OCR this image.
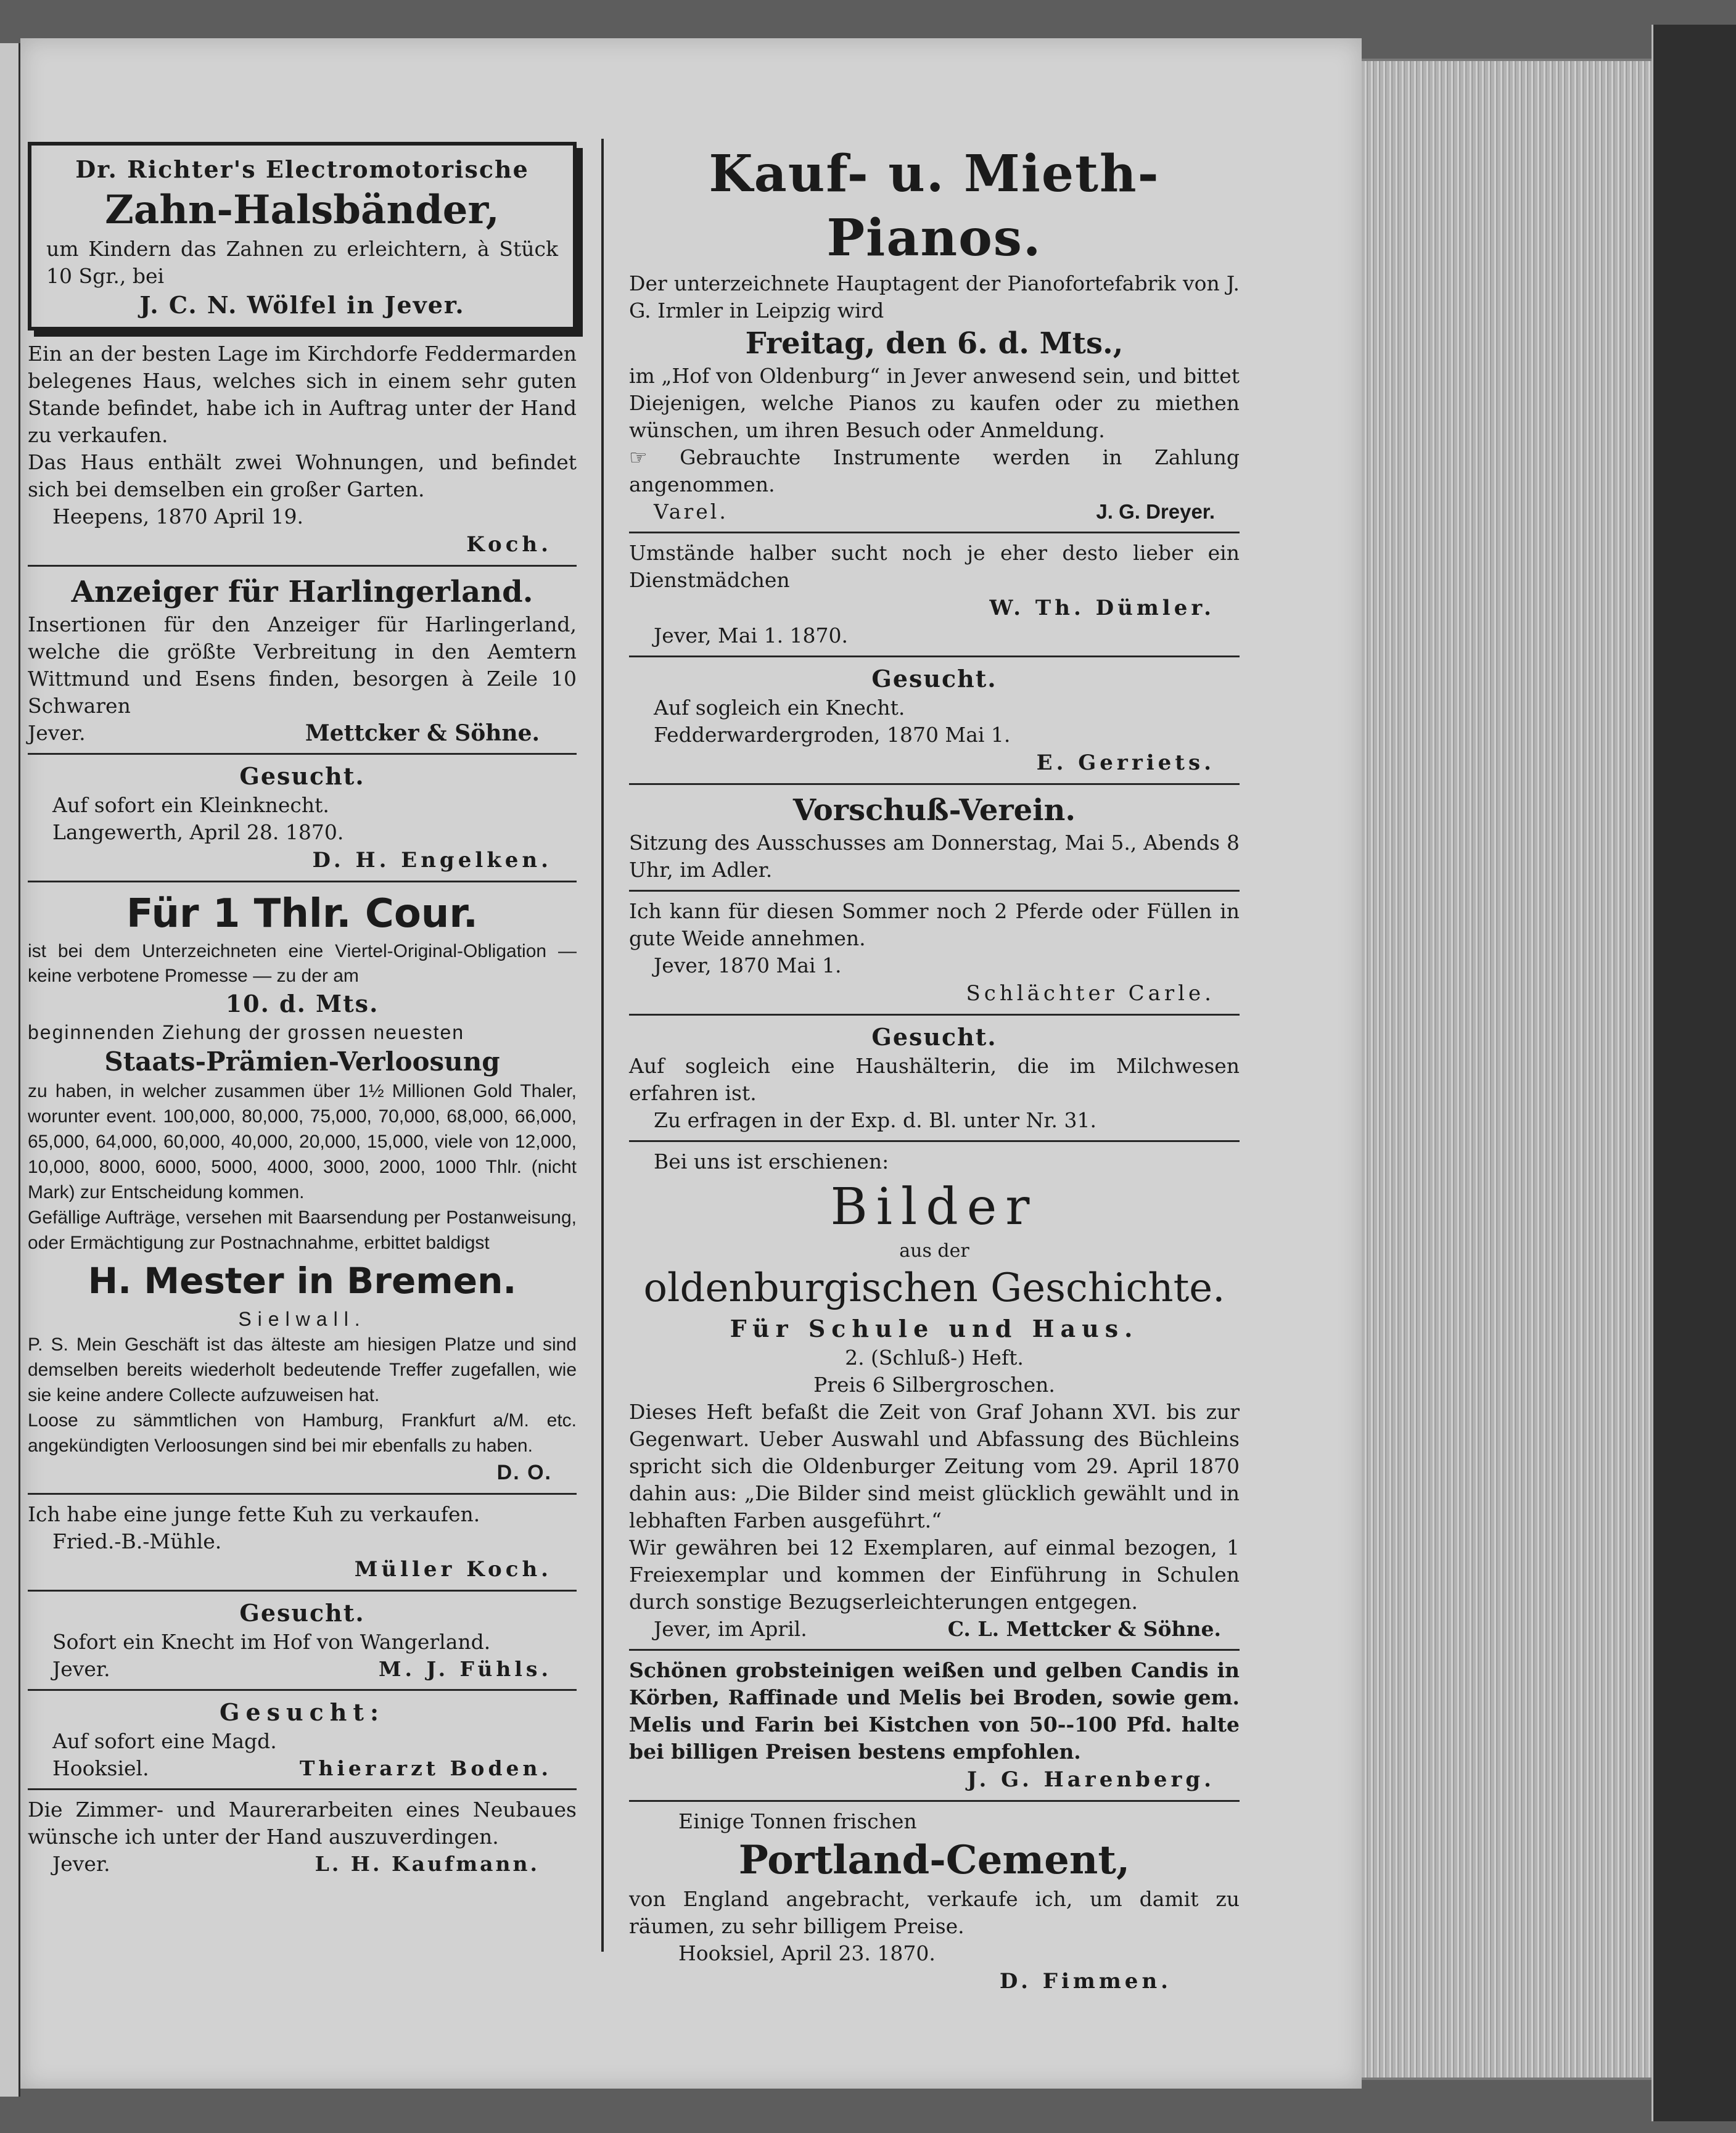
Dr. Richter's Electromotorische

Zahn-Halsbänder,

um Kindern das Zahnen zu erleichtern, à Stück 10 Sgr., bei

J. C. N. Wölfel in Jever.

Ein an der besten Lage im Kirchdorfe Feddermarden belegenes Haus, welches sich in einem sehr guten Stande befindet, habe ich in Auftrag unter der Hand zu verkaufen.

Das Haus enthält zwei Wohnungen, und befindet sich bei demselben ein großer Garten.

Heepens, 1870 April 19.

Koch.

Anzeiger für Harlingerland.

Insertionen für den Anzeiger für Harlingerland, welche die größte Verbreitung in den Aemtern Wittmund und Esens finden, besorgen à Zeile 10 Schwaren

Jever.	Mettcker & Söhne.

Gesucht.

Auf sofort ein Kleinknecht.

Langewerth, April 28. 1870.

D. H. Engelken.

Für 1 Thlr. Cour.

ist bei dem Unterzeichneten eine Viertel-Original-Obligation — keine verbotene Promesse — zu der am

10. d. Mts.

beginnenden Ziehung der grossen neuesten

Staats-Prämien-Verloosung

zu haben, in welcher zusammen über 1½ Millionen Gold Thaler, worunter event. 100,000, 80,000, 75,000, 70,000, 68,000, 66,000, 65,000, 64,000, 60,000, 40,000, 20,000, 15,000, viele von 12,000, 10,000, 8000, 6000, 5000, 4000, 3000, 2000, 1000 Thlr. (nicht Mark) zur Entscheidung kommen.

Gefällige Aufträge, versehen mit Baarsendung per Postanweisung, oder Ermächtigung zur Postnachnahme, erbittet baldigst

H. Mester in Bremen.

Sielwall.

P. S. Mein Geschäft ist das älteste am hiesigen Platze und sind demselben bereits wiederholt bedeutende Treffer zugefallen, wie sie keine andere Collecte aufzuweisen hat.

Loose zu sämmtlichen von Hamburg, Frankfurt a/M. etc. angekündigten Verloosungen sind bei mir ebenfalls zu haben.

D. O.

Ich habe eine junge fette Kuh zu verkaufen.

Fried.-B.-Mühle.

Müller Koch.

Gesucht.

Sofort ein Knecht im Hof von Wangerland.

Jever.	M. J. Fühls.

Gesucht:

Auf sofort eine Magd.

Hooksiel.	Thierarzt Boden.

Die Zimmer- und Maurerarbeiten eines Neubaues wünsche ich unter der Hand auszuverdingen.

Jever.	L. H. Kaufmann.

Kauf- u. Mieth-Pianos.

Der unterzeichnete Hauptagent der Pianofortefabrik von J. G. Irmler in Leipzig wird

Freitag, den 6. d. Mts.,

im „Hof von Oldenburg“ in Jever anwesend sein, und bittet Diejenigen, welche Pianos zu kaufen oder zu miethen wünschen, um ihren Besuch oder Anmeldung.

☞ Gebrauchte Instrumente werden in Zahlung angenommen.

Varel.	J. G. Dreyer.

Umstände halber sucht noch je eher desto lieber ein Dienstmädchen

W. Th. Dümler.

Jever, Mai 1. 1870.

Gesucht.

Auf sogleich ein Knecht.

Fedderwardergroden, 1870 Mai 1.

E. Gerriets.

Vorschuß-Verein.

Sitzung des Ausschusses am Donnerstag, Mai 5., Abends 8 Uhr, im Adler.

Ich kann für diesen Sommer noch 2 Pferde oder Füllen in gute Weide annehmen.

Jever, 1870 Mai 1.

Schlächter Carle.

Gesucht.

Auf sogleich eine Haushälterin, die im Milchwesen erfahren ist.

Zu erfragen in der Exp. d. Bl. unter Nr. 31.

Bei uns ist erschienen:

Bilder

aus der

oldenburgischen Geschichte.

Für Schule und Haus.

2. (Schluß-) Heft.

Preis 6 Silbergroschen.

Dieses Heft befaßt die Zeit von Graf Johann XVI. bis zur Gegenwart. Ueber Auswahl und Abfassung des Büchleins spricht sich die Oldenburger Zeitung vom 29. April 1870 dahin aus: „Die Bilder sind meist glücklich gewählt und in lebhaften Farben ausgeführt.“

Wir gewähren bei 12 Exemplaren, auf einmal bezogen, 1 Freiexemplar und kommen der Einführung in Schulen durch sonstige Bezugserleichterungen entgegen.

Jever, im April.	C. L. Mettcker & Söhne.

Schönen grobsteinigen weißen und gelben Candis in Körben, Raffinade und Melis bei Broden, sowie gem. Melis und Farin bei Kistchen von 50--100 Pfd. halte bei billigen Preisen bestens empfohlen.

J. G. Harenberg.

Einige Tonnen frischen

Portland-Cement,

von England angebracht, verkaufe ich, um damit zu räumen, zu sehr billigem Preise.

Hooksiel, April 23. 1870.

D. Fimmen.
